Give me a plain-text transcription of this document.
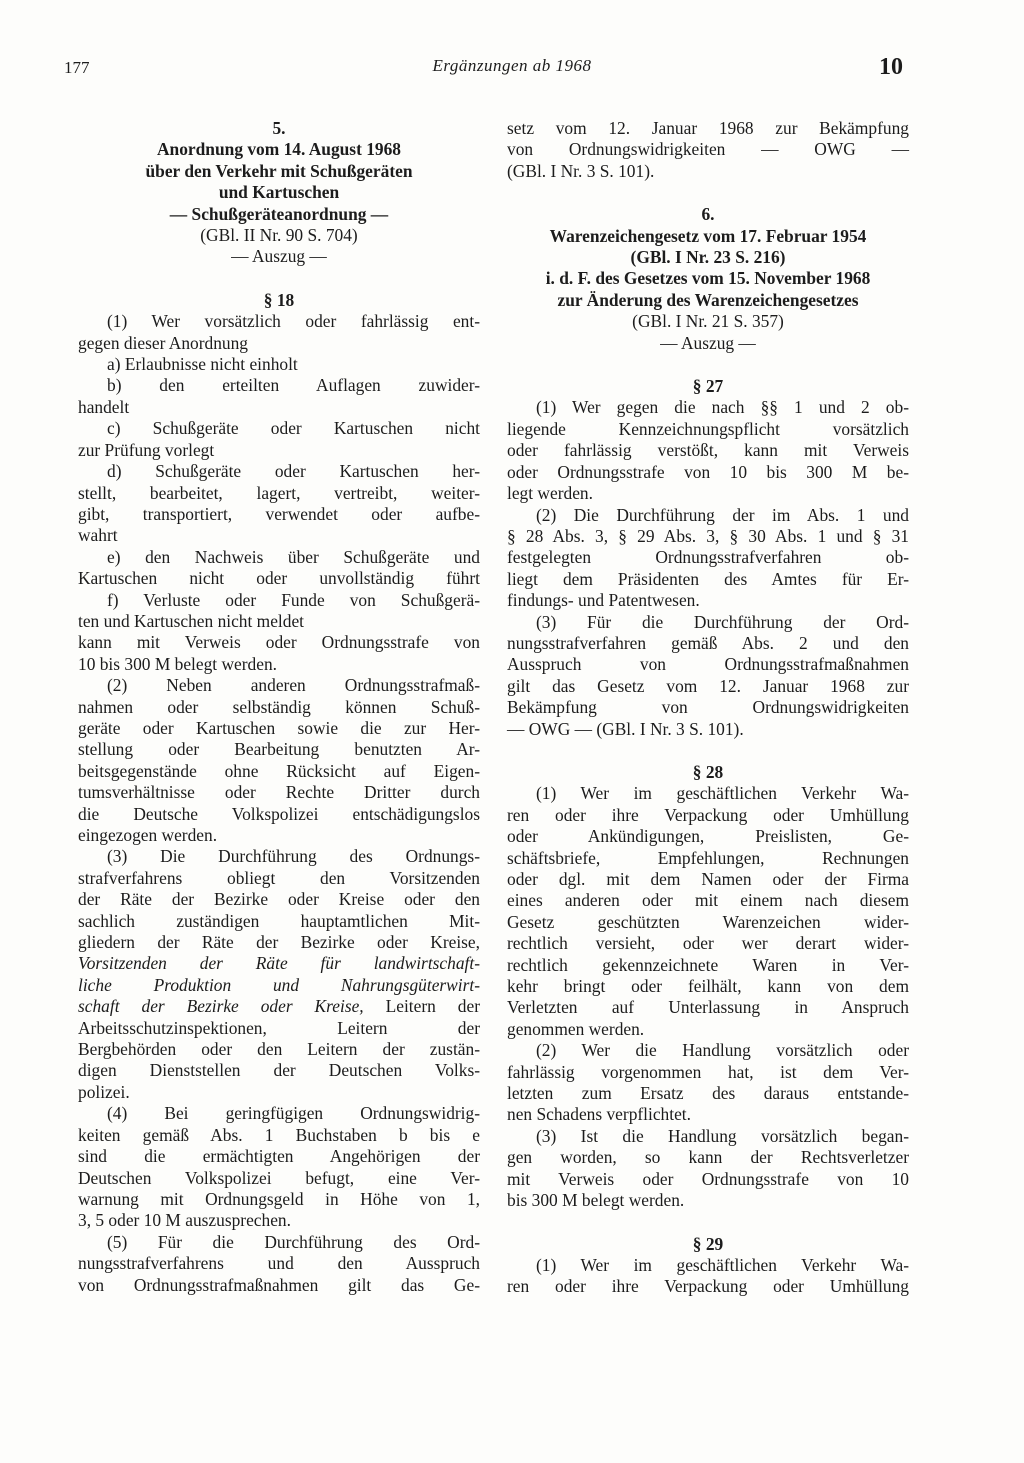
177	Ergänzungen ab 1968	10
5.
Anordnung vom 14. August 1968
über den Verkehr mit Schußgeräten
und Kartuschen
— Schußgeräteanordnung —
(GBl. II Nr. 90 S. 704)
— Auszug —
§ 18
(1) Wer vorsätzlich oder fahrlässig ent-
gegen dieser Anordnung
a) Erlaubnisse nicht einholt
b) den erteilten Auflagen zuwider-
handelt
c) Schußgeräte oder Kartuschen nicht
zur Prüfung vorlegt
d) Schußgeräte oder Kartuschen her-
stellt, bearbeitet, lagert, vertreibt, weiter-
gibt, transportiert, verwendet oder aufbe-
wahrt
e) den Nachweis über Schußgeräte und
Kartuschen nicht oder unvollständig führt
f) Verluste oder Funde von Schußgerä-
ten und Kartuschen nicht meldet
kann mit Verweis oder Ordnungsstrafe von
10 bis 300 M belegt werden.
(2) Neben anderen Ordnungsstrafmaß-
nahmen oder selbständig können Schuß-
geräte oder Kartuschen sowie die zur Her-
stellung oder Bearbeitung benutzten Ar-
beitsgegenstände ohne Rücksicht auf Eigen-
tumsverhältnisse oder Rechte Dritter durch
die Deutsche Volkspolizei entschädigungslos
eingezogen werden.
(3) Die Durchführung des Ordnungs-
strafverfahrens obliegt den Vorsitzenden
der Räte der Bezirke oder Kreise oder den
sachlich zuständigen hauptamtlichen Mit-
gliedern der Räte der Bezirke oder Kreise,
Vorsitzenden der Räte für landwirtschaft-
liche Produktion und Nahrungsgüterwirt-
schaft der Bezirke oder Kreise, Leitern der
Arbeitsschutzinspektionen, Leitern der
Bergbehörden oder den Leitern der zustän-
digen Dienststellen der Deutschen Volks-
polizei.
(4) Bei geringfügigen Ordnungswidrig-
keiten gemäß Abs. 1 Buchstaben b bis e
sind die ermächtigten Angehörigen der
Deutschen Volkspolizei befugt, eine Ver-
warnung mit Ordnungsgeld in Höhe von 1,
3, 5 oder 10 M auszusprechen.
(5) Für die Durchführung des Ord-
nungsstrafverfahrens und den Ausspruch
von Ordnungsstrafmaßnahmen gilt das Ge-
setz vom 12. Januar 1968 zur Bekämpfung
von Ordnungswidrigkeiten — OWG —
(GBl. I Nr. 3 S. 101).
6.
Warenzeichengesetz vom 17. Februar 1954
(GBl. I Nr. 23 S. 216)
i. d. F. des Gesetzes vom 15. November 1968
zur Änderung des Warenzeichengesetzes
(GBl. I Nr. 21 S. 357)
— Auszug —
§ 27
(1) Wer gegen die nach §§ 1 und 2 ob-
liegende Kennzeichnungspflicht vorsätzlich
oder fahrlässig verstößt, kann mit Verweis
oder Ordnungsstrafe von 10 bis 300 M be-
legt werden.
(2) Die Durchführung der im Abs. 1 und
§ 28 Abs. 3, § 29 Abs. 3, § 30 Abs. 1 und § 31
festgelegten Ordnungsstrafverfahren ob-
liegt dem Präsidenten des Amtes für Er-
findungs- und Patentwesen.
(3) Für die Durchführung der Ord-
nungsstrafverfahren gemäß Abs. 2 und den
Ausspruch von Ordnungsstrafmaßnahmen
gilt das Gesetz vom 12. Januar 1968 zur
Bekämpfung von Ordnungswidrigkeiten
— OWG — (GBl. I Nr. 3 S. 101).
§ 28
(1) Wer im geschäftlichen Verkehr Wa-
ren oder ihre Verpackung oder Umhüllung
oder Ankündigungen, Preislisten, Ge-
schäftsbriefe, Empfehlungen, Rechnungen
oder dgl. mit dem Namen oder der Firma
eines anderen oder mit einem nach diesem
Gesetz geschützten Warenzeichen wider-
rechtlich versieht, oder wer derart wider-
rechtlich gekennzeichnete Waren in Ver-
kehr bringt oder feilhält, kann von dem
Verletzten auf Unterlassung in Anspruch
genommen werden.
(2) Wer die Handlung vorsätzlich oder
fahrlässig vorgenommen hat, ist dem Ver-
letzten zum Ersatz des daraus entstande-
nen Schadens verpflichtet.
(3) Ist die Handlung vorsätzlich began-
gen worden, so kann der Rechtsverletzer
mit Verweis oder Ordnungsstrafe von 10
bis 300 M belegt werden.
§ 29
(1) Wer im geschäftlichen Verkehr Wa-
ren oder ihre Verpackung oder Umhüllung
